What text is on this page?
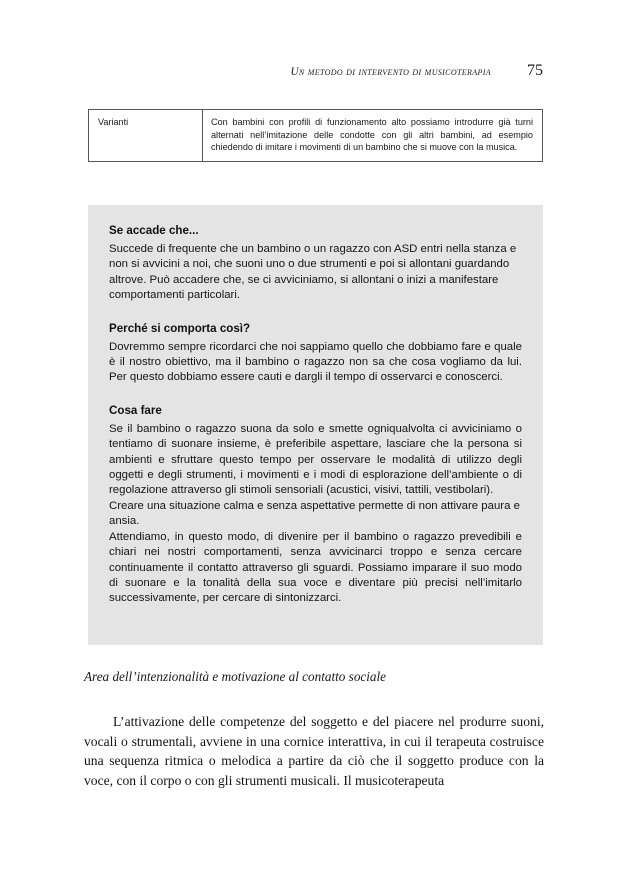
Un metodo di intervento di musicoterapia	75
Varianti	Con bambini con profili di funzionamento alto possiamo introdurre già turni alternati nell’imitazione delle condotte con gli altri bambini, ad esempio chiedendo di imitare i movimenti di un bambino che si muove con la musica.
Se accade che...

Succede di frequente che un bambino o un ragazzo con ASD entri nella stanza e non si avvicini a noi, che suoni uno o due strumenti e poi si allontani guardando altrove. Può accadere che, se ci avviciniamo, si allontani o inizi a manifestare comportamenti particolari.

Perché si comporta così?

Dovremmo sempre ricordarci che noi sappiamo quello che dobbiamo fare e quale è il nostro obiettivo, ma il bambino o ragazzo non sa che cosa vogliamo da lui. Per questo dobbiamo essere cauti e dargli il tempo di osservarci e conoscerci.

Cosa fare

Se il bambino o ragazzo suona da solo e smette ogniqualvolta ci avviciniamo o tentiamo di suonare insieme, è preferibile aspettare, lasciare che la persona si ambienti e sfruttare questo tempo per osservare le modalità di utilizzo degli oggetti e degli strumenti, i movimenti e i modi di esplorazione dell’ambiente o di regolazione attraverso gli stimoli sensoriali (acustici, visivi, tattili, vestibolari).

Creare una situazione calma e senza aspettative permette di non attivare paura e ansia.

Attendiamo, in questo modo, di divenire per il bambino o ragazzo prevedibili e chiari nei nostri comportamenti, senza avvicinarci troppo e senza cercare continuamente il contatto attraverso gli sguardi. Possiamo imparare il suo modo di suonare e la tonalità della sua voce e diventare più precisi nell’imitarlo successivamente, per cercare di sintonizzarci.

Area dell’intenzionalità e motivazione al contatto sociale

L’attivazione delle competenze del soggetto e del piacere nel produrre suoni, vocali o strumentali, avviene in una cornice interattiva, in cui il terapeuta costruisce una sequenza ritmica o melodica a partire da ciò che il soggetto produce con la voce, con il corpo o con gli strumenti musicali. Il musicoterapeuta
